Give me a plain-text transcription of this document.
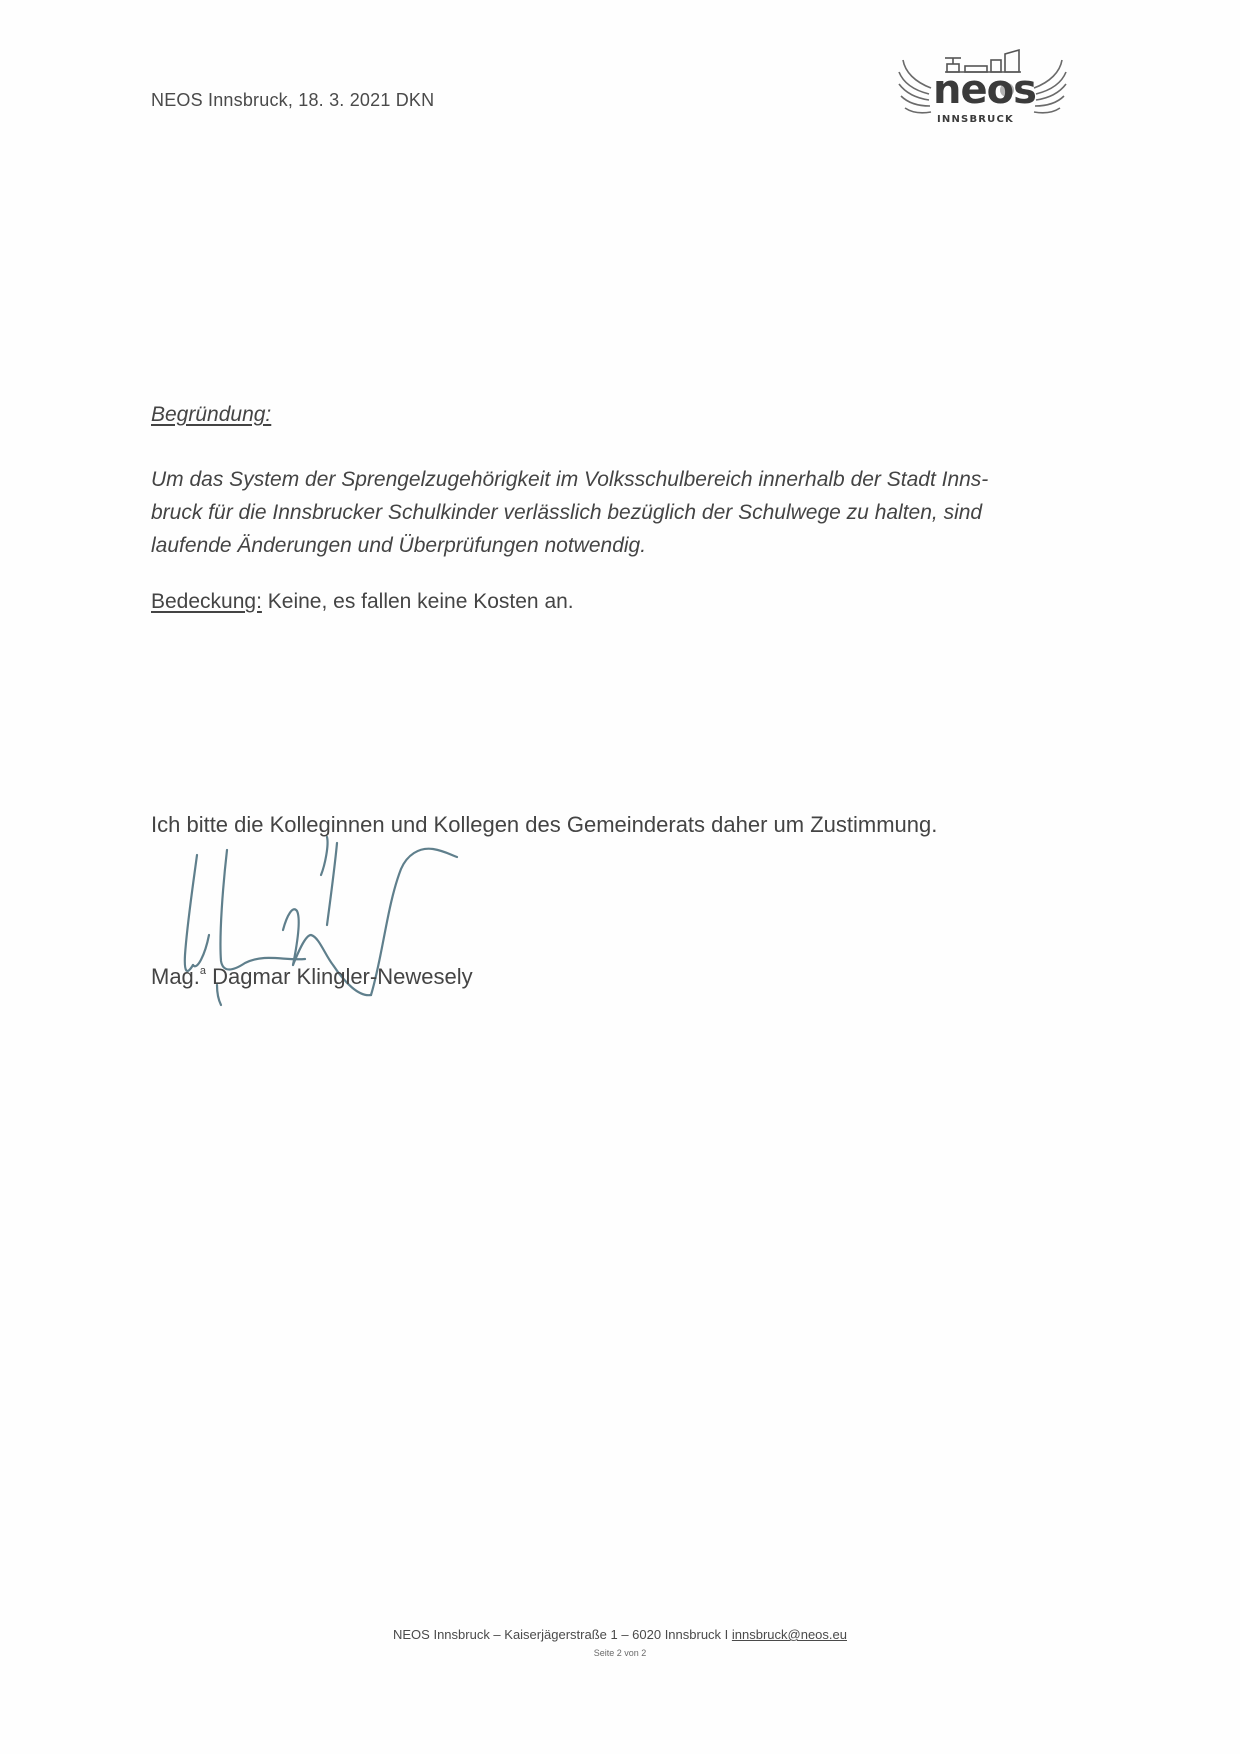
NEOS Innsbruck, 18. 3. 2021 DKN	neos
INNSBRUCK
Begründung:
Um das System der Sprengelzugehörigkeit im Volksschulbereich innerhalb der Stadt Inns-
bruck für die Innsbrucker Schulkinder verlässlich bezüglich der Schulwege zu halten, sind
laufende Änderungen und Überprüfungen notwendig.
Bedeckung: Keine, es fallen keine Kosten an.
Ich bitte die Kolleginnen und Kollegen des Gemeinderats daher um Zustimmung.
Mag.$^a$ Dagmar Klingler-Newesely
NEOS Innsbruck – Kaiserjägerstraße 1 – 6020 Innsbruck I innsbruck@neos.eu
Seite 2 von 2
